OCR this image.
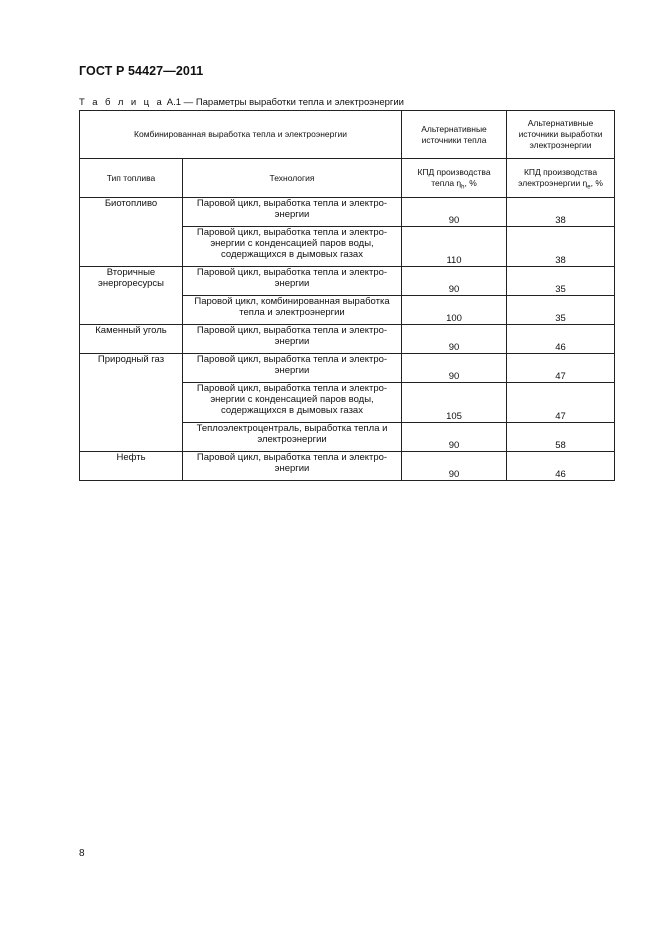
ГОСТ Р 54427—2011
Т а б л и ц а А.1 — Параметры выработки тепла и электроэнергии
Комбинированная выработка тепла и электроэнергии		Альтернативные источники тепла	Альтернативные источники выработки электроэнергии
Тип топлива	Технология	КПД производства тепла $\eta_h$, %	КПД производства электроэнергии $\eta_e$, %
Биотопливо	Паровой цикл, выработка тепла и электро-энергии	90	38
	Паровой цикл, выработка тепла и электро-энергии с конденсацией паров воды, содержащихся в дымовых газах	110	38
Вторичные энергоресурсы	Паровой цикл, выработка тепла и электро-энергии	90	35
	Паровой цикл, комбинированная выработка тепла и электроэнергии	100	35
Каменный уголь	Паровой цикл, выработка тепла и электро-энергии	90	46
Природный газ	Паровой цикл, выработка тепла и электро-энергии	90	47
	Паровой цикл, выработка тепла и электро-энергии с конденсацией паров воды, содержащихся в дымовых газах	105	47
	Теплоэлектроцентраль, выработка тепла и электроэнергии	90	58
Нефть	Паровой цикл, выработка тепла и электро-энергии	90	46
8
